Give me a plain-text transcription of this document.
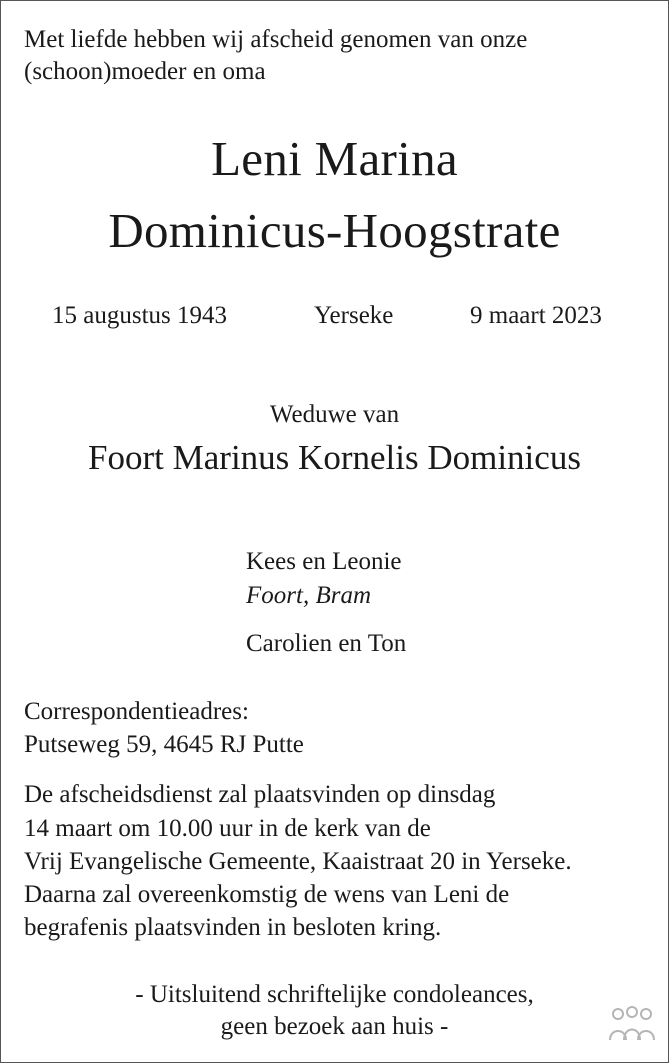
Met liefde hebben wij afscheid genomen van onze
(schoon)moeder en oma
Leni Marina
Dominicus-Hoogstrate
15 augustus 1943	Yerseke	9 maart 2023
Weduwe van
Foort Marinus Kornelis Dominicus
Kees en Leonie
Foort, Bram
Carolien en Ton
Correspondentieadres:
Putseweg 59, 4645 RJ Putte
De afscheidsdienst zal plaatsvinden op dinsdag
14 maart om 10.00 uur in de kerk van de
Vrij Evangelische Gemeente, Kaaistraat 20 in Yerseke.
Daarna zal overeenkomstig de wens van Leni de
begrafenis plaatsvinden in besloten kring.
- Uitsluitend schriftelijke condoleances,
geen bezoek aan huis -
